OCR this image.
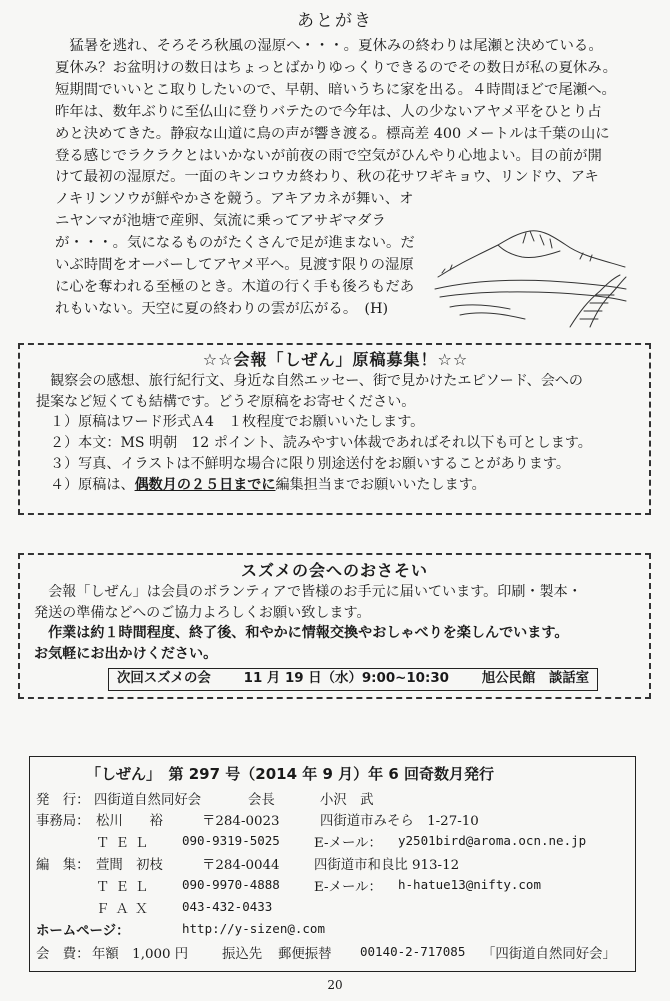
あとがき
　猛暑を逃れ、そろそろ秋風の湿原へ・・・。夏休みの終わりは尾瀬と決めている。
夏休み？お盆明けの数日はちょっとばかりゆっくりできるのでその数日が私の夏休み。
短期間でいいとこ取りしたいので、早朝、暗いうちに家を出る。４時間ほどで尾瀬へ。
昨年は、数年ぶりに至仏山に登りバテたので今年は、人の少ないアヤメ平をひとり占
めと決めてきた。静寂な山道に鳥の声が響き渡る。標高差 400 メートルは千葉の山に
登る感じでラクラクとはいかないが前夜の雨で空気がひんやり心地よい。目の前が開
けて最初の湿原だ。一面のキンコウカ終わり、秋の花サワギキョウ、リンドウ、アキ
ノキリンソウが鮮やかさを競う。アキアカネが舞い、オ
ニヤンマが池塘で産卵、気流に乗ってアサギマダラ
が・・・。気になるものがたくさんで足が進まない。だ
いぶ時間をオーバーしてアヤメ平へ。見渡す限りの湿原
に心を奪われる至極のとき。木道の行く手も後ろもだあ
れもいない。天空に夏の終わりの雲が広がる。　(H)
☆☆会報「しぜん」原稿募集！☆☆
　観察会の感想、旅行紀行文、身近な自然エッセー、街で見かけたエピソード、会への
提案など短くても結構です。どうぞ原稿をお寄せください。
１）原稿はワード形式Ａ4　１枚程度でお願いいたします。
２）本文：MS 明朝　12 ポイント、読みやすい体裁であればそれ以下も可とします。
３）写真、イラストは不鮮明な場合に限り別途送付をお願いすることがあります。
４）原稿は、偶数月の２５日までに編集担当までお願いいたします。
スズメの会へのおさそい
　会報「しぜん」は会員のボランティアで皆様のお手元に届いています。印刷・製本・
発送の準備などへのご協力よろしくお願い致します。
　作業は約１時間程度、終了後、和やかに情報交換やおしゃべりを楽しんでいます。
お気軽にお出かけください。
次回スズメの会 11 月 19 日（水）9:00~10:30 旭公民館　談話室
「しぜん」　第 297 号（2014 年 9 月）年 6 回奇数月発行
発　行： 四街道自然同好会	会長	小沢　武
事務局： 松川　　裕	〒284-0023	四街道市みそら　1-27-10
ＴＥＬ 090-9319-5025	E-メール： y2501bird@aroma.ocn.ne.jp
編　集： 萱間　初枝	〒284-0044	四街道市和良比 913-12
ＴＥＬ 090-9970-4888	E-メール： h-hatue13@nifty.com
ＦＡＸ 043-432-0433
ホームページ：	http://y-sizen@.com
会　費： 年額　1,000 円	振込先 郵便振替 00140-2-717085 「四街道自然同好会」
20
